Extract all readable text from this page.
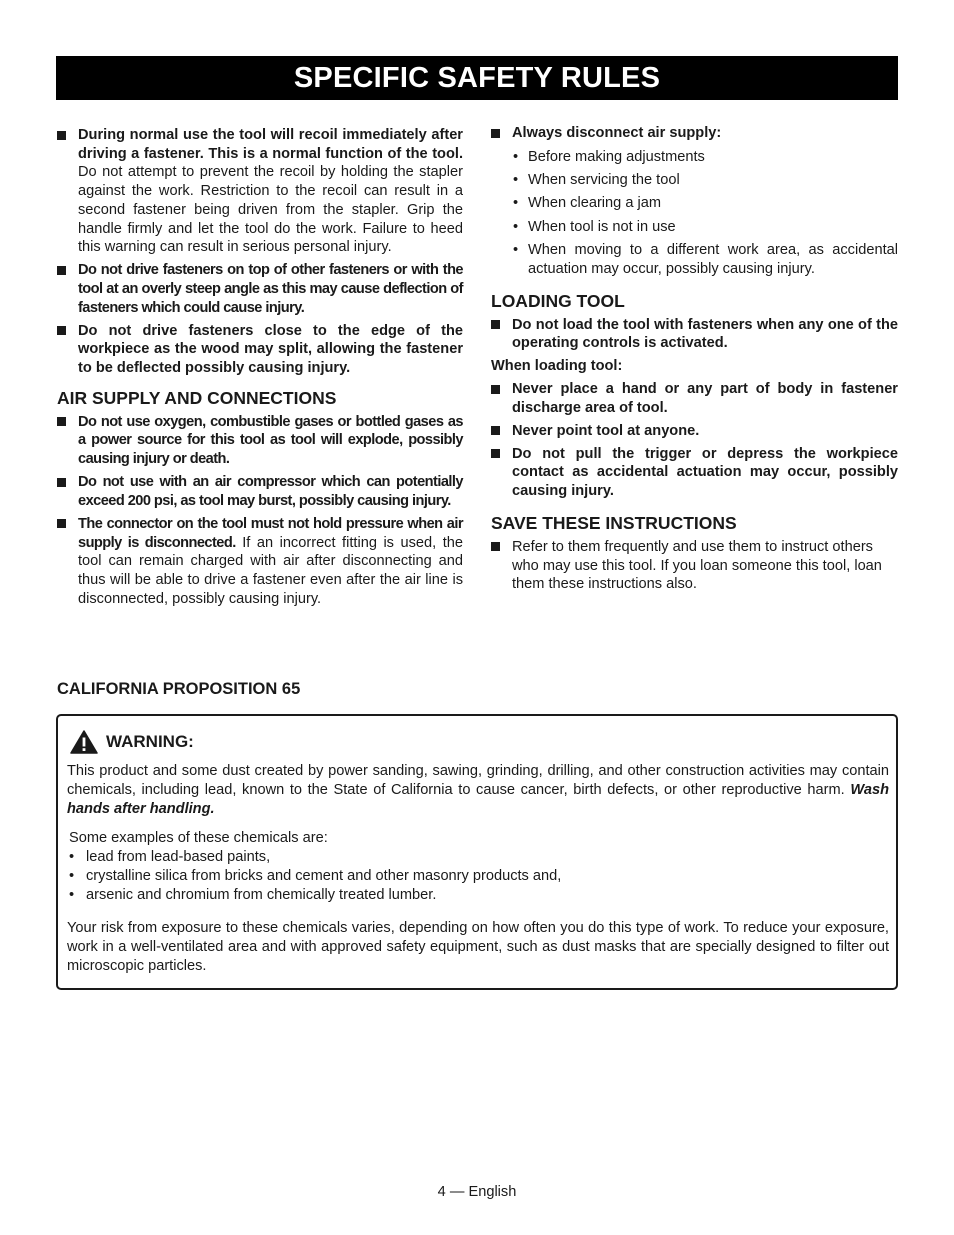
SPECIFIC SAFETY RULES
During normal use the tool will recoil immediately after driving a fastener. This is a normal function of the tool. Do not attempt to prevent the recoil by holding the stapler against the work. Restriction to the recoil can result in a second fastener being driven from the stapler. Grip the handle firmly and let the tool do the work. Failure to heed this warning can result in serious personal injury.
Do not drive fasteners on top of other fasteners or with the tool at an overly steep angle as this may cause deflection of fasteners which could cause injury.
Do not drive fasteners close to the edge of the workpiece as the wood may split, allowing the fastener to be deflected possibly causing injury.
AIR SUPPLY AND CONNECTIONS
Do not use oxygen, combustible gases or bottled gases as a power source for this tool as tool will explode, possibly causing injury or death.
Do not use with an air compressor which can potentially exceed 200 psi, as tool may burst, possibly causing injury.
The connector on the tool must not hold pressure when air supply is disconnected. If an incorrect fitting is used, the tool can remain charged with air after disconnecting and thus will be able to drive a fastener even after the air line is disconnected, possibly causing injury.
Always disconnect air supply:
• Before making adjustments
• When servicing the tool
• When clearing a jam
• When tool is not in use
• When moving to a different work area, as accidental actuation may occur, possibly causing injury.
LOADING TOOL
Do not load the tool with fasteners when any one of the operating controls is activated.
When loading tool:
Never place a hand or any part of body in fastener discharge area of tool.
Never point tool at anyone.
Do not pull the trigger or depress the workpiece contact as accidental actuation may occur, possibly causing injury.
SAVE THESE INSTRUCTIONS
Refer to them frequently and use them to instruct others who may use this tool. If you loan someone this tool, loan them these instructions also.
CALIFORNIA PROPOSITION 65
WARNING:
This product and some dust created by power sanding, sawing, grinding, drilling, and other construction activities may contain chemicals, including lead, known to the State of California to cause cancer, birth defects, or other reproductive harm. Wash hands after handling.
Some examples of these chemicals are:
• lead from lead-based paints,
• crystalline silica from bricks and cement and other masonry products and,
• arsenic and chromium from chemically treated lumber.
Your risk from exposure to these chemicals varies, depending on how often you do this type of work. To reduce your exposure, work in a well-ventilated area and with approved safety equipment, such as dust masks that are specially designed to filter out microscopic particles.
4 — English
